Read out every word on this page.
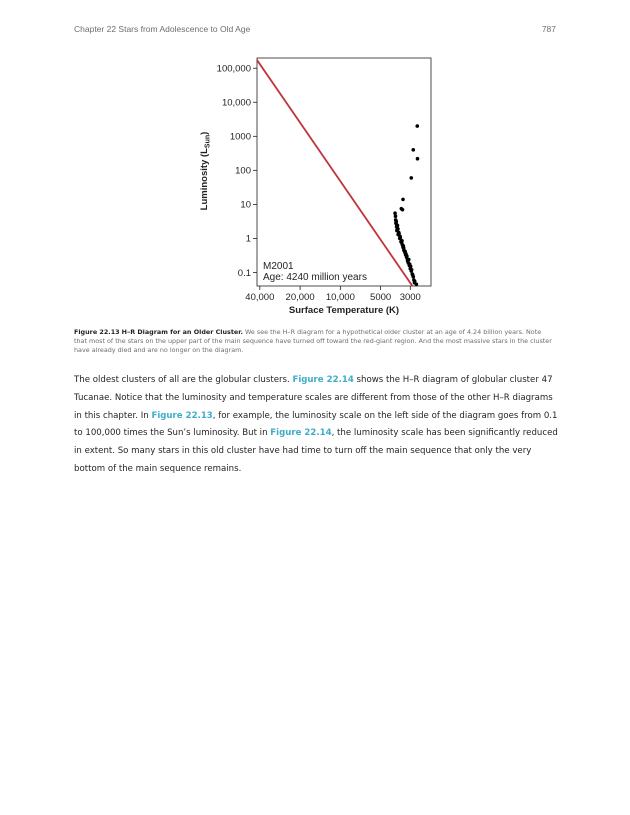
Chapter 22 Stars from Adolescence to Old Age	787
100,000
10,000
1000
100
10
1
0.1
40,000 20,000 10,000 5000 3000
M2001
Age: 4240 million years
Surface Temperature (K)
Luminosity $(L_{Sun})$
Figure 22.13 H–R Diagram for an Older Cluster. We see the H–R diagram for a hypothetical older cluster at an age of 4.24 billion years. Note that most of the stars on the upper part of the main sequence have turned off toward the red-giant region. And the most massive stars in the cluster have already died and are no longer on the diagram.

The oldest clusters of all are the globular clusters. Figure 22.14 shows the H–R diagram of globular cluster 47 Tucanae. Notice that the luminosity and temperature scales are different from those of the other H–R diagrams in this chapter. In Figure 22.13, for example, the luminosity scale on the left side of the diagram goes from 0.1 to 100,000 times the Sun’s luminosity. But in Figure 22.14, the luminosity scale has been significantly reduced in extent. So many stars in this old cluster have had time to turn off the main sequence that only the very bottom of the main sequence remains.
